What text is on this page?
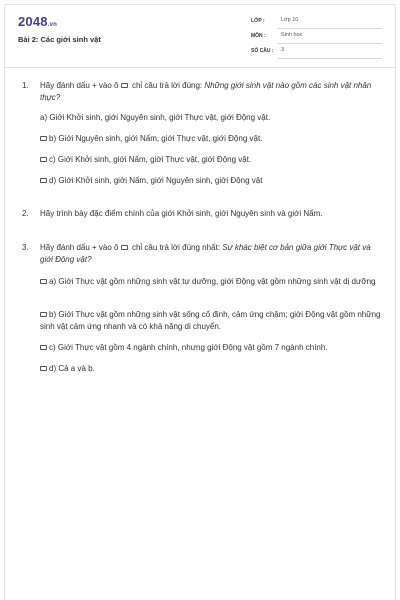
2048.vn
Bài 2: Các giới sinh vật
LỚP :	Lớp 10
MÔN :	Sinh học
SỐ CÂU : 3
1. Hãy đánh dấu + vào ô chỉ câu trả lời đúng: Những giới sinh vật nào gồm các sinh vật nhân thực?
a) Giới Khởi sinh, giới Nguyên sinh, giới Thực vật, giới Động vật.
b) Giới Nguyên sinh, giới Nấm, giới Thực vật, giới Động vật.
c) Giới Khởi sinh, giới Nấm, giới Thực vật, giới Động vật.
d) Giới Khởi sinh, giới Nấm, giới Nguyên sinh, giới Động vật
2. Hãy trình bày đặc điểm chính của giới Khởi sinh, giới Nguyên sinh và giới Nấm.
3. Hãy đánh dấu + vào ô chỉ câu trả lời đúng nhất: Sự khác biệt cơ bản giữa giới Thực vật và giới Động vật?
a) Giới Thực vật gồm những sinh vật tự dưỡng, giới Động vật gồm những sinh vật dị dưỡng
b) Giới Thực vật gồm những sinh vật sống cố định, cảm ứng chậm; giới Động vật gồm những sinh vật cảm ứng nhanh và có khả năng di chuyển.
c) Giới Thực vật gồm 4 ngành chính, nhưng giới Động vật gồm 7 ngành chính.
d) Cả a và b.
